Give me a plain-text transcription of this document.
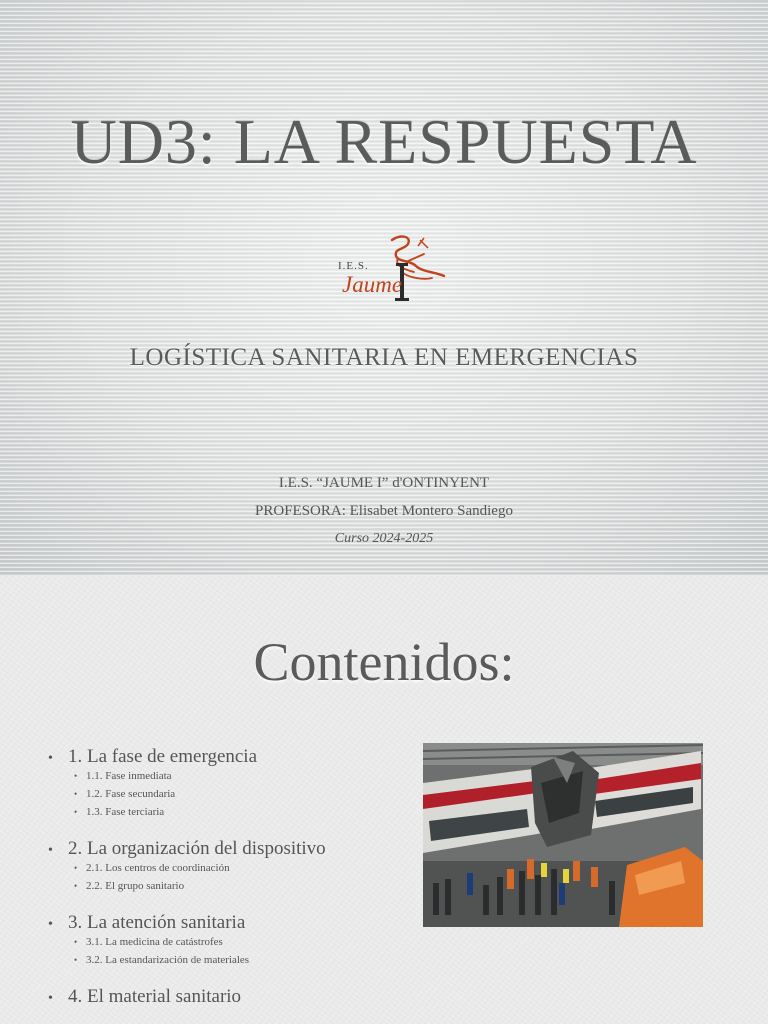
UD3: LA RESPUESTA
I.E.S.
Jaume
LOGÍSTICA SANITARIA EN EMERGENCIAS
I.E.S. “JAUME I” d'ONTINYENT
PROFESORA: Elisabet Montero Sandiego
Curso 2024-2025
Contenidos:
• 1. La fase de emergencia
• 1.1. Fase inmediata
• 1.2. Fase secundaria
• 1.3. Fase terciaria
• 2. La organización del dispositivo
• 2.1. Los centros de coordinación
• 2.2. El grupo sanitario
• 3. La atención sanitaria
• 3.1. La medicina de catástrofes
• 3.2. La estandarización de materiales
• 4. El material sanitario
